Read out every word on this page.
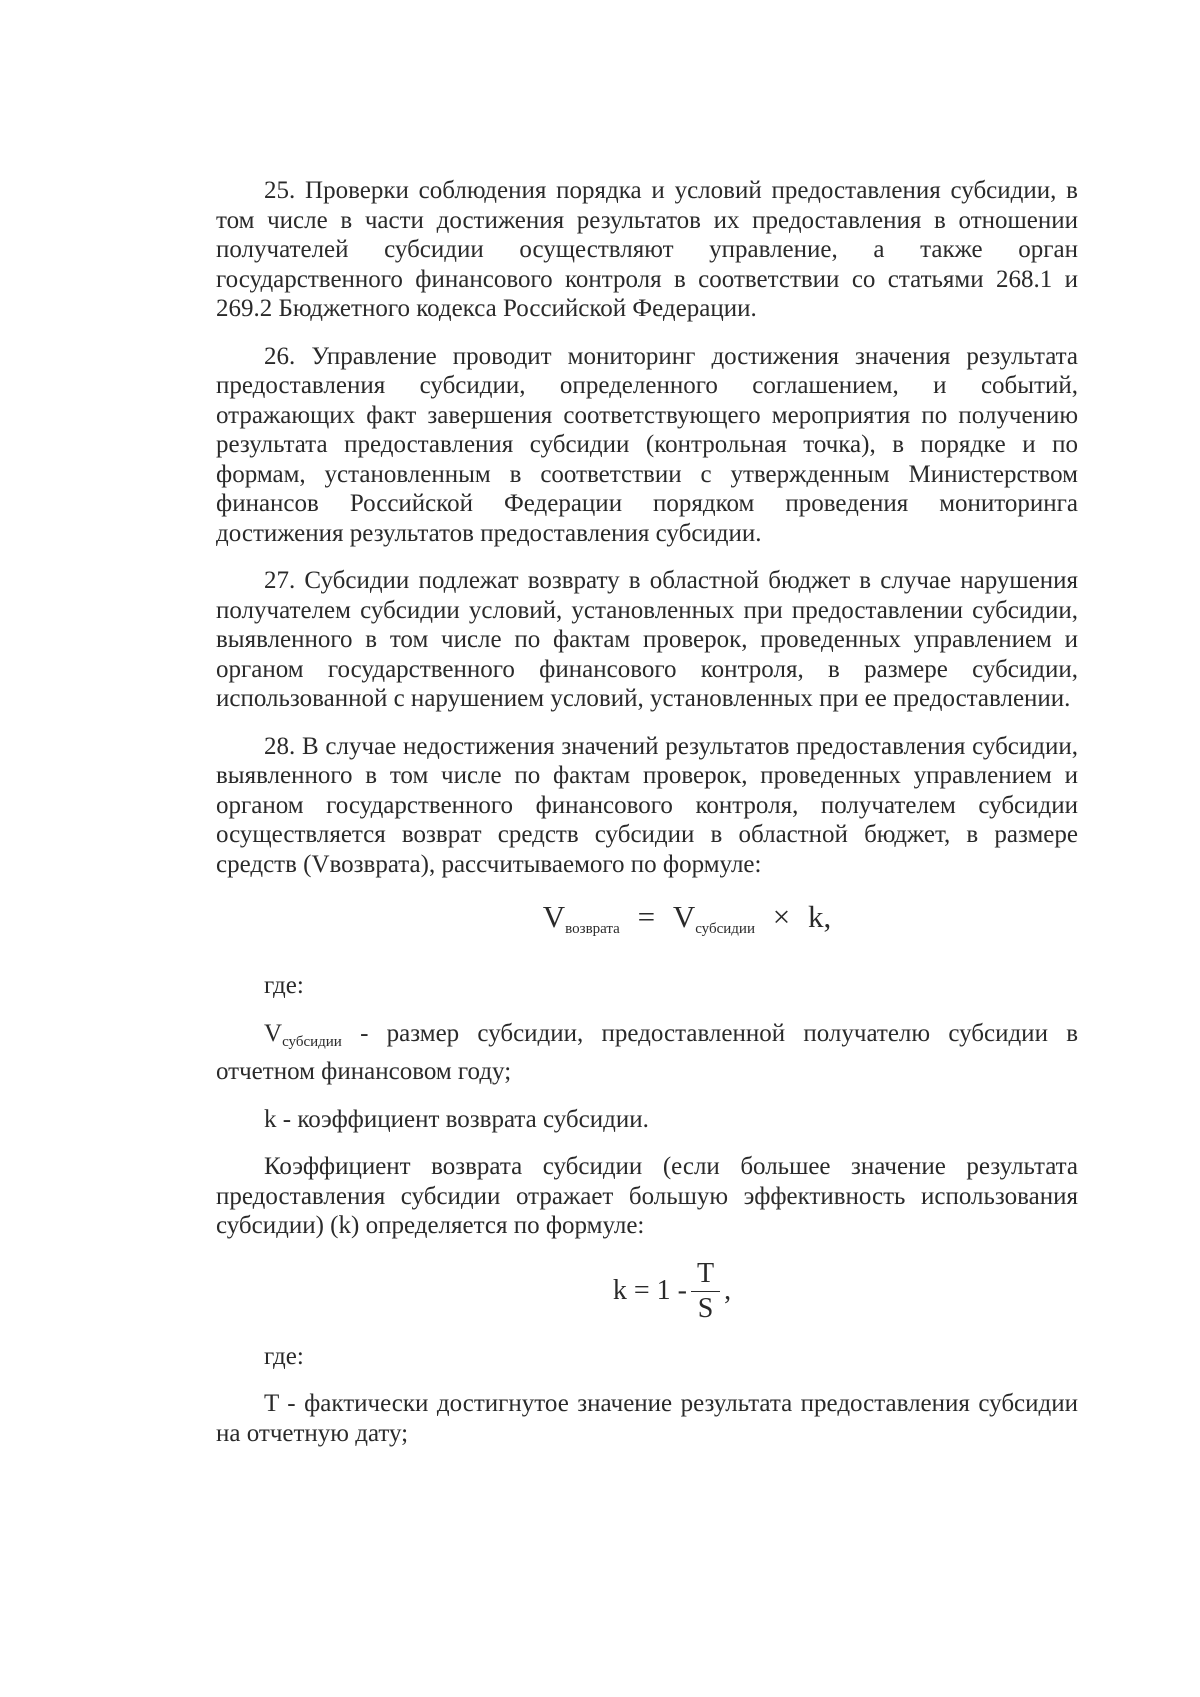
25. Проверки соблюдения порядка и условий предоставления субсидии, в том числе в части достижения результатов их предоставления в отношении получателей субсидии осуществляют управление, а также орган государственного финансового контроля в соответствии со статьями 268.1 и 269.2 Бюджетного кодекса Российской Федерации.

26. Управление проводит мониторинг достижения значения результата предоставления субсидии, определенного соглашением, и событий, отражающих факт завершения соответствующего мероприятия по получению результата предоставления субсидии (контрольная точка), в порядке и по формам, установленным в соответствии с утвержденным Министерством финансов Российской Федерации порядком проведения мониторинга достижения результатов предоставления субсидии.

27. Субсидии подлежат возврату в областной бюджет в случае нарушения получателем субсидии условий, установленных при предоставлении субсидии, выявленного в том числе по фактам проверок, проведенных управлением и органом государственного финансового контроля, в размере субсидии, использованной с нарушением условий, установленных при ее предоставлении.

28. В случае недостижения значений результатов предоставления субсидии, выявленного в том числе по фактам проверок, проведенных управлением и органом государственного финансового контроля, получателем субсидии осуществляется возврат средств субсидии в областной бюджет, в размере средств (Vвозврата), рассчитываемого по формуле:

$V_{возврата} = V_{субсидии} \times k$,

где:

$V_{субсидии}$ - размер субсидии, предоставленной получателю субсидии в отчетном финансовом году;

k - коэффициент возврата субсидии.

Коэффициент возврата субсидии (если большее значение результата предоставления субсидии отражает большую эффективность использования субсидии) (k) определяется по формуле:

$k = 1 - \frac{T}{S}$ ,

где:

T - фактически достигнутое значение результата предоставления субсидии на отчетную дату;
